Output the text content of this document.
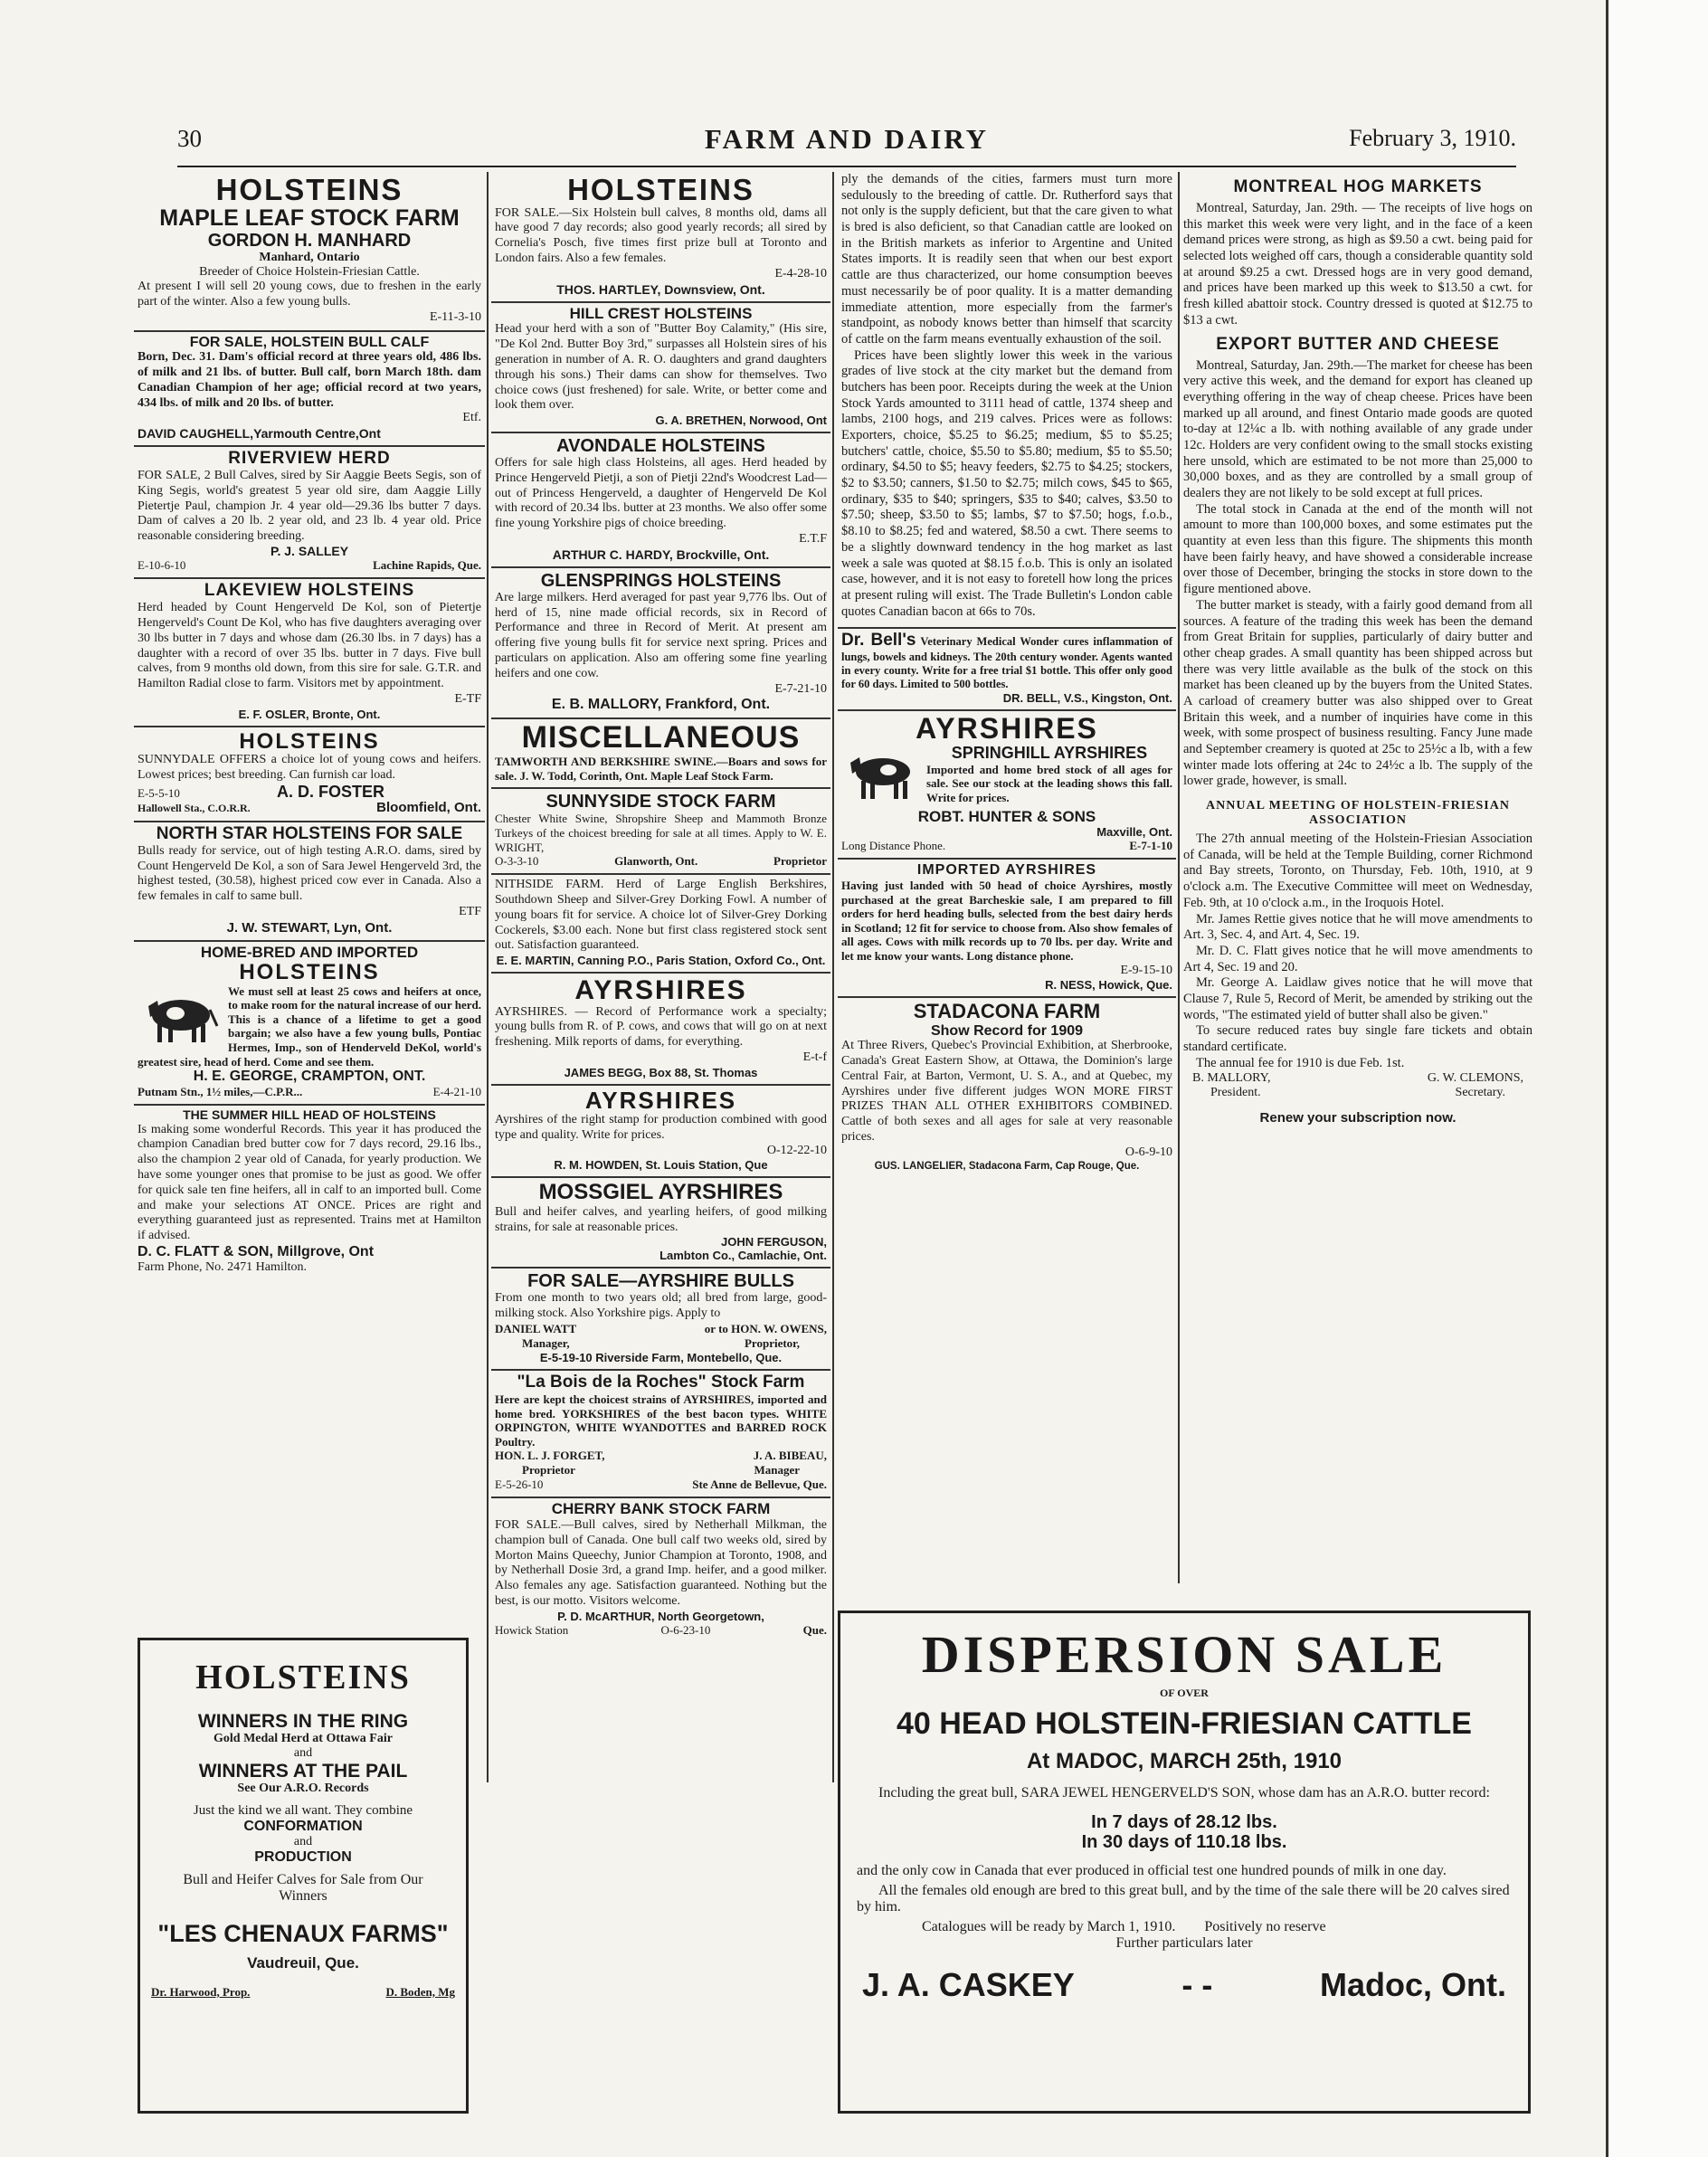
FARM AND DAIRY
30	February 3, 1910.
HOLSTEINS
MAPLE LEAF STOCK FARM
GORDON H. MANHARD
Manhard, Ontario
Breeder of Choice Holstein-Friesian Cattle.
At present I will sell 20 young cows, due to freshen in the early part of the winter. Also a few young bulls.
E-11-3-10
FOR SALE, HOLSTEIN BULL CALF
Born, Dec. 31. Dam's official record at three years old, 486 lbs. of milk and 21 lbs. of butter. Bull calf, born March 18th. dam Canadian Champion of her age; official record at two years, 434 lbs. of milk and 20 lbs. of butter.
Etf.
DAVID CAUGHELL,Yarmouth Centre,Ont
RIVERVIEW HERD
FOR SALE, 2 Bull Calves, sired by Sir Aaggie Beets Segis, son of King Segis, world's greatest 5 year old sire, dam Aaggie Lilly Pietertje Paul, champion Jr. 4 year old—29.36 lbs butter 7 days. Dam of calves a 20 lb. 2 year old, and 23 lb. 4 year old. Price reasonable considering breeding.
P. J. SALLEY
E-10-6-10	Lachine Rapids, Que.
LAKEVIEW HOLSTEINS
Herd headed by Count Hengerveld De Kol, son of Pietertje Hengerveld's Count De Kol, who has five daughters averaging over 30 lbs butter in 7 days and whose dam (26.30 lbs. in 7 days) has a daughter with a record of over 35 lbs. butter in 7 days. Five bull calves, from 9 months old down, from this sire for sale. G.T.R. and Hamilton Radial close to farm. Visitors met by appointment.
E-TF
E. F. OSLER, Bronte, Ont.
HOLSTEINS
SUNNYDALE OFFERS a choice lot of young cows and heifers. Lowest prices; best breeding. Can furnish car load.
E-5-5-10	A. D. FOSTER
Hallowell Sta., C.O.R.R.	Bloomfield, Ont.
NORTH STAR HOLSTEINS FOR SALE
Bulls ready for service, out of high testing A.R.O. dams, sired by Count Hengerveld De Kol, a son of Sara Jewel Hengerveld 3rd, the highest tested, (30.58), highest priced cow ever in Canada. Also a few females in calf to same bull.
ETF
J. W. STEWART, Lyn, Ont.
HOME-BRED AND IMPORTED
HOLSTEINS
We must sell at least 25 cows and heifers at once, to make room for the natural increase of our herd. This is a chance of a lifetime to get a good bargain; we also have a few young bulls, Pontiac Hermes, Imp., son of Henderveld DeKol, world's greatest sire, head of herd. Come and see them.
H. E. GEORGE, CRAMPTON, ONT.
Putnam Stn., 1½ miles,—C.P.R...	E-4-21-10
THE SUMMER HILL HEAD OF HOLSTEINS
Is making some wonderful Records. This year it has produced the champion Canadian bred butter cow for 7 days record, 29.16 lbs., also the champion 2 year old of Canada, for yearly production. We have some younger ones that promise to be just as good. We offer for quick sale ten fine heifers, all in calf to an imported bull. Come and make your selections AT ONCE. Prices are right and everything guaranteed just as represented. Trains met at Hamilton if advised.
D. C. FLATT & SON, Millgrove, Ont
Farm Phone, No. 2471 Hamilton.
HOLSTEINS
WINNERS IN THE RING
Gold Medal Herd at Ottawa Fair
and
WINNERS AT THE PAIL
See Our A.R.O. Records
Just the kind we all want. They combine
CONFORMATION
and
PRODUCTION
Bull and Heifer Calves for Sale from Our Winners
"LES CHENAUX FARMS"
Vaudreuil, Que.
Dr. Harwood, Prop.	D. Boden, Mg
HOLSTEINS
FOR SALE.—Six Holstein bull calves, 8 months old, dams all have good 7 day records; also good yearly records; all sired by Cornelia's Posch, five times first prize bull at Toronto and London fairs. Also a few females.
E-4-28-10
THOS. HARTLEY, Downsview, Ont.
HILL CREST HOLSTEINS
Head your herd with a son of "Butter Boy Calamity," (His sire, "De Kol 2nd. Butter Boy 3rd," surpasses all Holstein sires of his generation in number of A. R. O. daughters and grand daughters through his sons.) Their dams can show for themselves. Two choice cows (just freshened) for sale. Write, or better come and look them over.
G. A. BRETHEN, Norwood, Ont
AVONDALE HOLSTEINS
Offers for sale high class Holsteins, all ages. Herd headed by Prince Hengerveld Pietji, a son of Pietji 22nd's Woodcrest Lad—out of Princess Hengerveld, a daughter of Hengerveld De Kol with record of 20.34 lbs. butter at 23 months. We also offer some fine young Yorkshire pigs of choice breeding.
E.T.F
ARTHUR C. HARDY, Brockville, Ont.
GLENSPRINGS HOLSTEINS
Are large milkers. Herd averaged for past year 9,776 lbs. Out of herd of 15, nine made official records, six in Record of Performance and three in Record of Merit. At present am offering five young bulls fit for service next spring. Prices and particulars on application. Also am offering some fine yearling heifers and one cow.
E-7-21-10
E. B. MALLORY, Frankford, Ont.
MISCELLANEOUS
TAMWORTH AND BERKSHIRE SWINE.—Boars and sows for sale. J. W. Todd, Corinth, Ont. Maple Leaf Stock Farm.
SUNNYSIDE STOCK FARM
Chester White Swine, Shropshire Sheep and Mammoth Bronze Turkeys of the choicest breeding for sale at all times. Apply to W. E. WRIGHT,
O-3-3-10	Glanworth, Ont.	Proprietor
NITHSIDE FARM. Herd of Large English Berkshires, Southdown Sheep and Silver-Grey Dorking Fowl. A number of young boars fit for service. A choice lot of Silver-Grey Dorking Cockerels, $3.00 each. None but first class registered stock sent out. Satisfaction guaranteed.
E. E. MARTIN, Canning P.O., Paris Station, Oxford Co., Ont.
AYRSHIRES
AYRSHIRES. — Record of Performance work a specialty; young bulls from R. of P. cows, and cows that will go on at next freshening. Milk reports of dams, for everything.
E-t-f
JAMES BEGG, Box 88, St. Thomas
AYRSHIRES
Ayrshires of the right stamp for production combined with good type and quality. Write for prices.
O-12-22-10
R. M. HOWDEN, St. Louis Station, Que
MOSSGIEL AYRSHIRES
Bull and heifer calves, and yearling heifers, of good milking strains, for sale at reasonable prices.
JOHN FERGUSON,
Lambton Co., Camlachie, Ont.
FOR SALE—AYRSHIRE BULLS
From one month to two years old; all bred from large, good-milking stock. Also Yorkshire pigs. Apply to
DANIEL WATT	or to HON. W. OWENS,
Manager,	Proprietor,
E-5-19-10 Riverside Farm, Montebello, Que.
"La Bois de la Roches" Stock Farm
Here are kept the choicest strains of AYRSHIRES, imported and home bred. YORKSHIRES of the best bacon types. WHITE ORPINGTON, WHITE WYANDOTTES and BARRED ROCK Poultry.
HON. L. J. FORGET,	J. A. BIBEAU,
Proprietor	Manager
E-5-26-10	Ste Anne de Bellevue, Que.
CHERRY BANK STOCK FARM
FOR SALE.—Bull calves, sired by Netherhall Milkman, the champion bull of Canada. One bull calf two weeks old, sired by Morton Mains Queechy, Junior Champion at Toronto, 1908, and by Netherhall Dosie 3rd, a grand Imp. heifer, and a good milker. Also females any age. Satisfaction guaranteed. Nothing but the best, is our motto. Visitors welcome.
P. D. McARTHUR, North Georgetown,
Howick Station	O-6-23-10	Que.

ply the demands of the cities, farmers must turn more sedulously to the breeding of cattle. Dr. Rutherford says that not only is the supply deficient, but that the care given to what is bred is also deficient, so that Canadian cattle are looked on in the British markets as inferior to Argentine and United States imports. It is readily seen that when our best export cattle are thus characterized, our home consumption beeves must necessarily be of poor quality. It is a matter demanding immediate attention, more especially from the farmer's standpoint, as nobody knows better than himself that scarcity of cattle on the farm means eventually exhaustion of the soil.

Prices have been slightly lower this week in the various grades of live stock at the city market but the demand from butchers has been poor. Receipts during the week at the Union Stock Yards amounted to 3111 head of cattle, 1374 sheep and lambs, 2100 hogs, and 219 calves. Prices were as follows: Exporters, choice, $5.25 to $6.25; medium, $5 to $5.25; butchers' cattle, choice, $5.50 to $5.80; medium, $5 to $5.50; ordinary, $4.50 to $5; heavy feeders, $2.75 to $4.25; stockers, $2 to $3.50; canners, $1.50 to $2.75; milch cows, $45 to $65, ordinary, $35 to $40; springers, $35 to $40; calves, $3.50 to $7.50; sheep, $3.50 to $5; lambs, $7 to $7.50; hogs, f.o.b., $8.10 to $8.25; fed and watered, $8.50 a cwt. There seems to be a slightly downward tendency in the hog market as last week a sale was quoted at $8.15 f.o.b. This is only an isolated case, however, and it is not easy to foretell how long the prices at present ruling will exist. The Trade Bulletin's London cable quotes Canadian bacon at 66s to 70s.

Dr. Bell's Veterinary Medical Wonder cures inflammation of lungs, bowels and kidneys. The 20th century wonder. Agents wanted in every county. Write for a free trial $1 bottle. This offer only good for 60 days. Limited to 500 bottles.
DR. BELL, V.S., Kingston, Ont.
AYRSHIRES
SPRINGHILL AYRSHIRES
Imported and home bred stock of all ages for sale. See our stock at the leading shows this fall. Write for prices.
ROBT. HUNTER & SONS
Maxville, Ont.
Long Distance Phone.	E-7-1-10
IMPORTED AYRSHIRES
Having just landed with 50 head of choice Ayrshires, mostly purchased at the great Barcheskie sale, I am prepared to fill orders for herd heading bulls, selected from the best dairy herds in Scotland; 12 fit for service to choose from. Also show females of all ages. Cows with milk records up to 70 lbs. per day. Write and let me know your wants. Long distance phone.
E-9-15-10
R. NESS, Howick, Que.
STADACONA FARM
Show Record for 1909
At Three Rivers, Quebec's Provincial Exhibition, at Sherbrooke, Canada's Great Eastern Show, at Ottawa, the Dominion's large Central Fair, at Barton, Vermont, U. S. A., and at Quebec, my Ayrshires under five different judges WON MORE FIRST PRIZES THAN ALL OTHER EXHIBITORS COMBINED. Cattle of both sexes and all ages for sale at very reasonable prices.
O-6-9-10
GUS. LANGELIER, Stadacona Farm, Cap Rouge, Que.
MONTREAL HOG MARKETS

Montreal, Saturday, Jan. 29th. — The receipts of live hogs on this market this week were very light, and in the face of a keen demand prices were strong, as high as $9.50 a cwt. being paid for selected lots weighed off cars, though a considerable quantity sold at around $9.25 a cwt. Dressed hogs are in very good demand, and prices have been marked up this week to $13.50 a cwt. for fresh killed abattoir stock. Country dressed is quoted at $12.75 to $13 a cwt.

EXPORT BUTTER AND CHEESE

Montreal, Saturday, Jan. 29th.—The market for cheese has been very active this week, and the demand for export has cleaned up everything offering in the way of cheap cheese. Prices have been marked up all around, and finest Ontario made goods are quoted to-day at 12¼c a lb. with nothing available of any grade under 12c. Holders are very confident owing to the small stocks existing here unsold, which are estimated to be not more than 25,000 to 30,000 boxes, and as they are controlled by a small group of dealers they are not likely to be sold except at full prices.

The total stock in Canada at the end of the month will not amount to more than 100,000 boxes, and some estimates put the quantity at even less than this figure. The shipments this month have been fairly heavy, and have showed a considerable increase over those of December, bringing the stocks in store down to the figure mentioned above.

The butter market is steady, with a fairly good demand from all sources. A feature of the trading this week has been the demand from Great Britain for supplies, particularly of dairy butter and other cheap grades. A small quantity has been shipped across but there was very little available as the bulk of the stock on this market has been cleaned up by the buyers from the United States. A carload of creamery butter was also shipped over to Great Britain this week, and a number of inquiries have come in this week, with some prospect of business resulting. Fancy June made and September creamery is quoted at 25c to 25½c a lb, with a few winter made lots offering at 24c to 24½c a lb. The supply of the lower grade, however, is small.

ANNUAL MEETING OF HOLSTEIN-FRIESIAN ASSOCIATION

The 27th annual meeting of the Holstein-Friesian Association of Canada, will be held at the Temple Building, corner Richmond and Bay streets, Toronto, on Thursday, Feb. 10th, 1910, at 9 o'clock a.m. The Executive Committee will meet on Wednesday, Feb. 9th, at 10 o'clock a.m., in the Iroquois Hotel.

Mr. James Rettie gives notice that he will move amendments to Art. 3, Sec. 4, and Art. 4, Sec. 19.

Mr. D. C. Flatt gives notice that he will move amendments to Art 4, Sec. 19 and 20.

Mr. George A. Laidlaw gives notice that he will move that Clause 7, Rule 5, Record of Merit, be amended by striking out the words, "The estimated yield of butter shall also be given."

To secure reduced rates buy single fare tickets and obtain standard certificate.

The annual fee for 1910 is due Feb. 1st.

B. MALLORY,	G. W. CLEMONS,
President.	Secretary.
Renew your subscription now.
DISPERSION SALE
OF OVER
40 HEAD HOLSTEIN-FRIESIAN CATTLE
At MADOC, MARCH 25th, 1910
Including the great bull, SARA JEWEL HENGERVELD'S SON, whose dam has an A.R.O. butter record:
In 7 days of 28.12 lbs.
In 30 days of 110.18 lbs.
and the only cow in Canada that ever produced in official test one hundred pounds of milk in one day.
All the females old enough are bred to this great bull, and by the time of the sale there will be 20 calves sired by him.
Catalogues will be ready by March 1, 1910. Positively no reserve
Further particulars later
J. A. CASKEY	- -	Madoc, Ont.
